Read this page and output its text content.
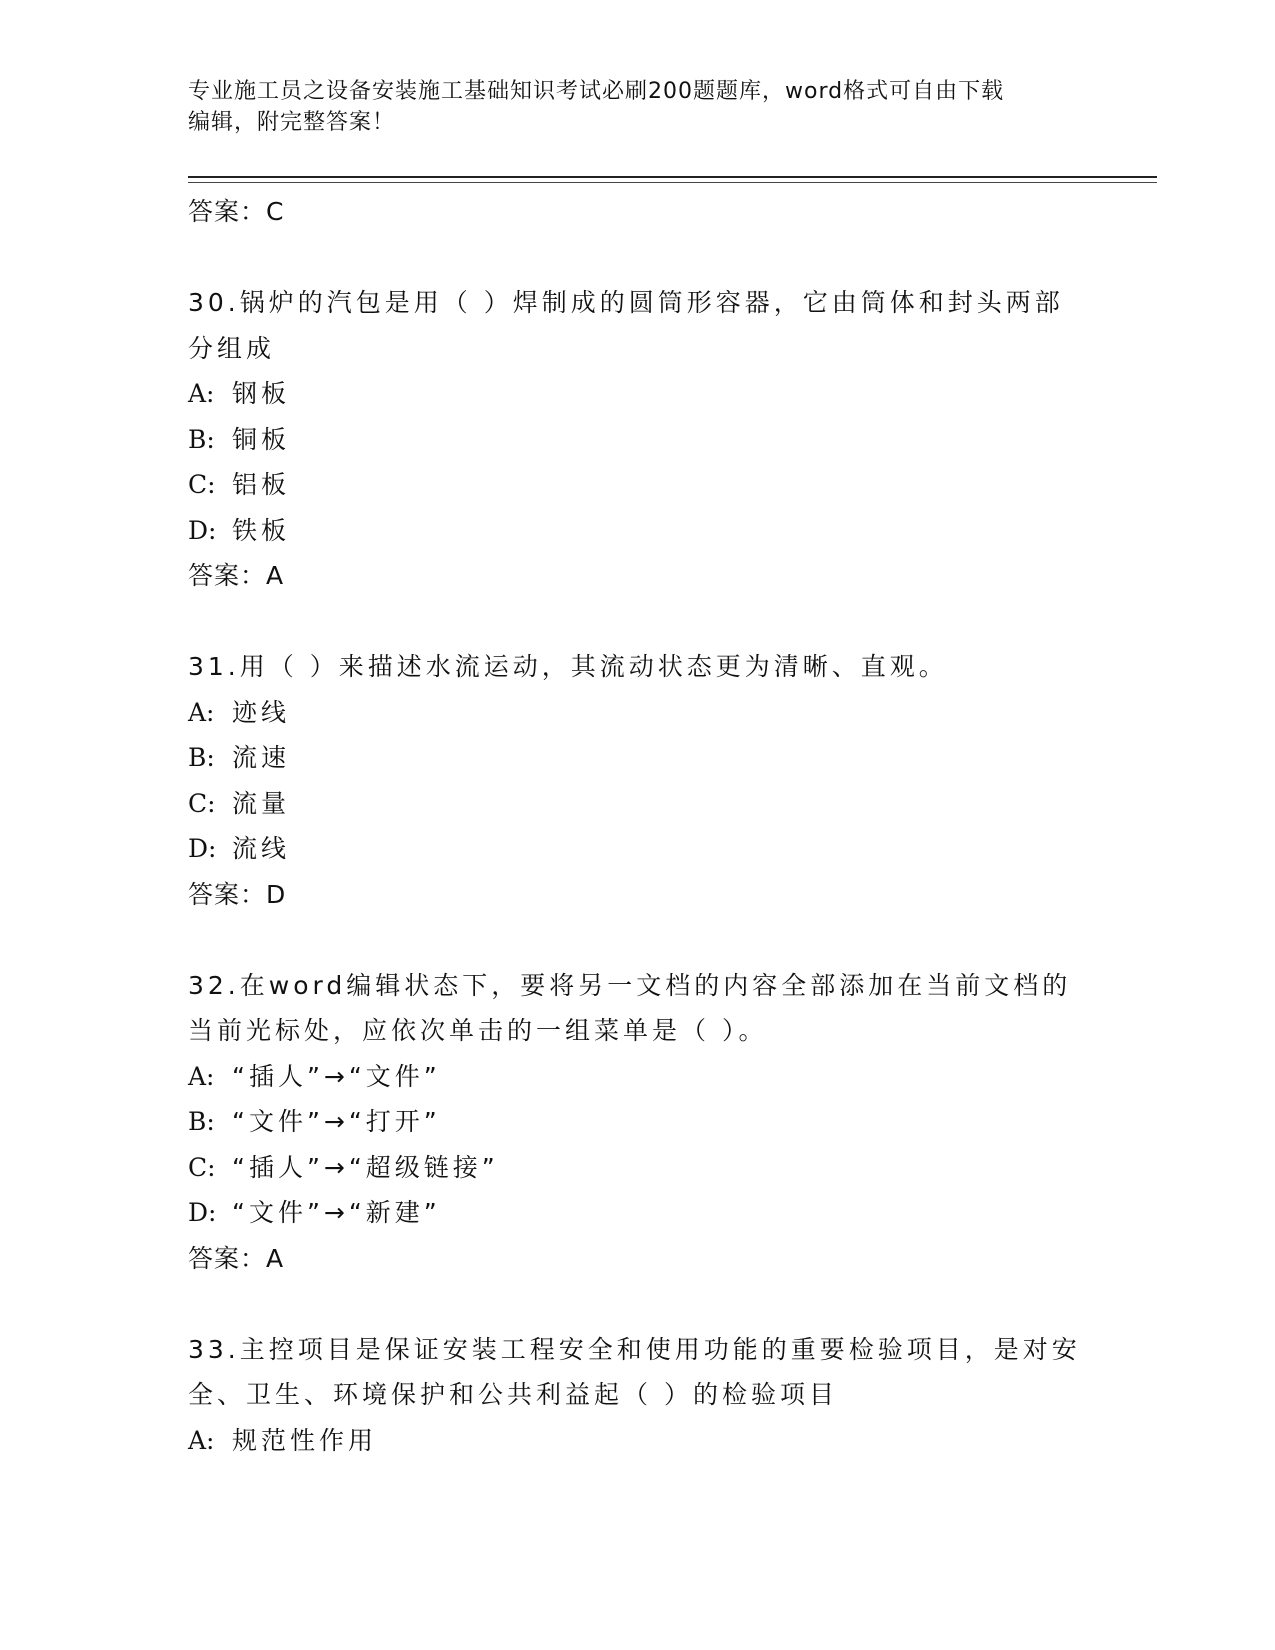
专业施工员之设备安装施工基础知识考试必刷200题题库，word格式可自由下载
编辑，附完整答案！
答案：C
30.锅炉的汽包是用（ ）焊制成的圆筒形容器，它由筒体和封头两部
分组成
A: 钢板
B: 铜板
C: 铝板
D: 铁板
答案：A
31.用（ ）来描述水流运动，其流动状态更为清晰、直观。
A: 迹线
B: 流速
C: 流量
D: 流线
答案：D
32.在word编辑状态下，要将另一文档的内容全部添加在当前文档的
当前光标处，应依次单击的一组菜单是（ ）。
A: “插人”→“文件”
B: “文件”→“打开”
C: “插人”→“超级链接”
D: “文件”→“新建”
答案：A
33.主控项目是保证安装工程安全和使用功能的重要检验项目，是对安
全、卫生、环境保护和公共利益起（ ）的检验项目
A: 规范性作用
